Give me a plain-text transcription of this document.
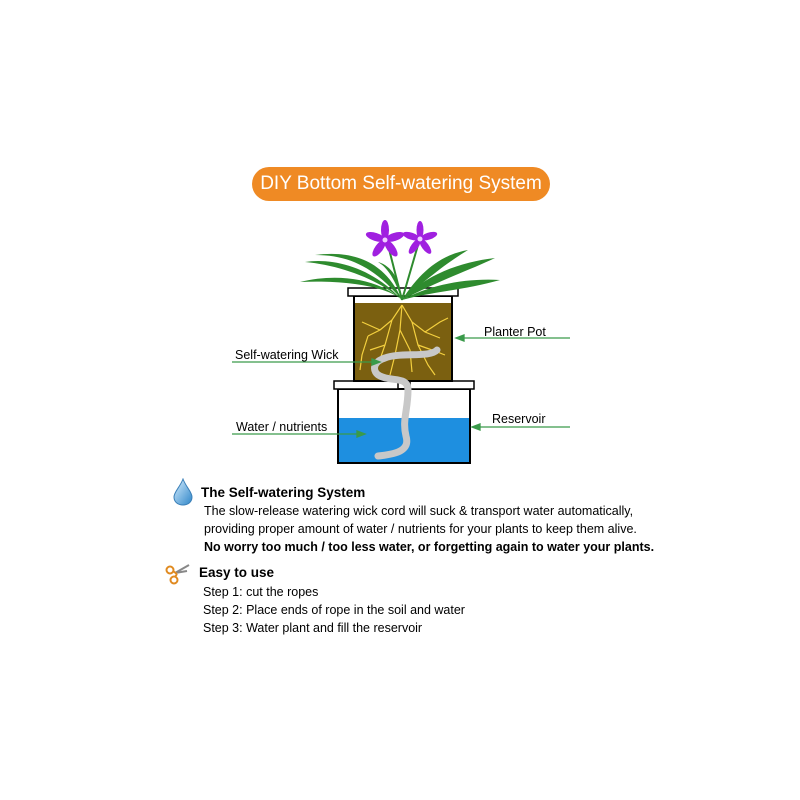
DIY Bottom Self-watering System
Planter Pot
Self-watering Wick
Reservoir
Water / nutrients
The Self-watering System
The slow-release watering wick cord will suck & transport water automatically,
providing proper amount of water / nutrients for your plants to keep them alive.
No worry too much / too less water, or forgetting again to water your plants.
Easy to use
Step 1: cut the ropes
Step 2: Place ends of rope in the soil and water
Step 3: Water plant and fill the reservoir
